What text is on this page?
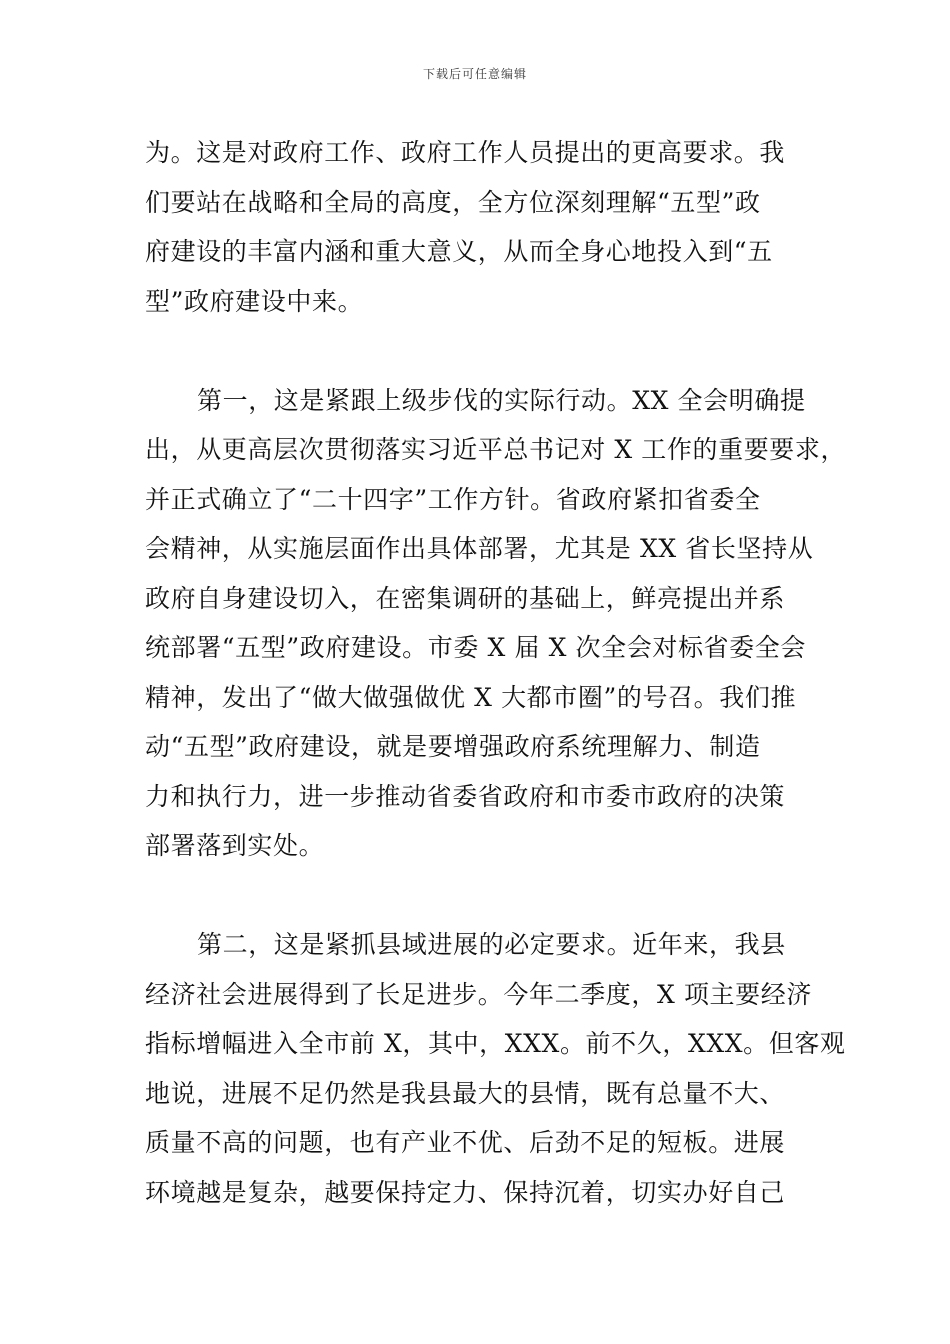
下载后可任意编辑
为。这是对政府工作、政府工作人员提出的更高要求。我
们要站在战略和全局的高度，全方位深刻理解“五型”政
府建设的丰富内涵和重大意义，从而全身心地投入到“五
型”政府建设中来。
第一，这是紧跟上级步伐的实际行动。XX 全会明确提
出，从更高层次贯彻落实习近平总书记对 X 工作的重要要求，
并正式确立了“二十四字”工作方针。省政府紧扣省委全
会精神，从实施层面作出具体部署，尤其是 XX 省长坚持从
政府自身建设切入，在密集调研的基础上，鲜亮提出并系
统部署“五型”政府建设。市委 X 届 X 次全会对标省委全会
精神，发出了“做大做强做优 X 大都市圈”的号召。我们推
动“五型”政府建设，就是要增强政府系统理解力、制造
力和执行力，进一步推动省委省政府和市委市政府的决策
部署落到实处。
第二，这是紧抓县域进展的必定要求。近年来，我县
经济社会进展得到了长足进步。今年二季度，X 项主要经济
指标增幅进入全市前 X，其中，XXX。前不久，XXX。但客观
地说，进展不足仍然是我县最大的县情，既有总量不大、
质量不高的问题，也有产业不优、后劲不足的短板。进展
环境越是复杂，越要保持定力、保持沉着，切实办好自己
